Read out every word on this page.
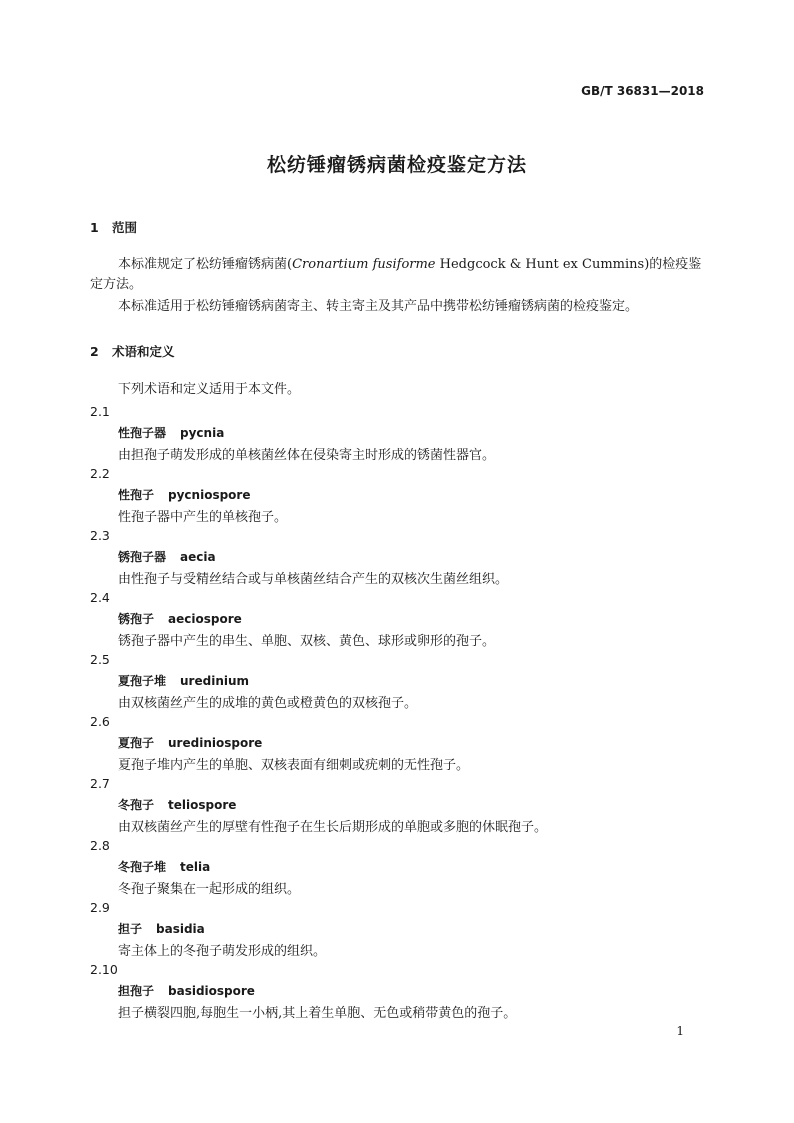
GB/T 36831—2018
松纺锤瘤锈病菌检疫鉴定方法
1 范围
本标准规定了松纺锤瘤锈病菌(Cronartium fusiforme Hedgcock & Hunt ex Cummins)的检疫鉴定方法。
本标准适用于松纺锤瘤锈病菌寄主、转主寄主及其产品中携带松纺锤瘤锈病菌的检疫鉴定。
2 术语和定义
下列术语和定义适用于本文件。
2.1
性孢子器 pycnia
由担孢子萌发形成的单核菌丝体在侵染寄主时形成的锈菌性器官。
2.2
性孢子 pycniospore
性孢子器中产生的单核孢子。
2.3
锈孢子器 aecia
由性孢子与受精丝结合或与单核菌丝结合产生的双核次生菌丝组织。
2.4
锈孢子 aeciospore
锈孢子器中产生的串生、单胞、双核、黄色、球形或卵形的孢子。
2.5
夏孢子堆 uredinium
由双核菌丝产生的成堆的黄色或橙黄色的双核孢子。
2.6
夏孢子 urediniospore
夏孢子堆内产生的单胞、双核表面有细刺或疣刺的无性孢子。
2.7
冬孢子 teliospore
由双核菌丝产生的厚壁有性孢子在生长后期形成的单胞或多胞的休眠孢子。
2.8
冬孢子堆 telia
冬孢子聚集在一起形成的组织。
2.9
担子 basidia
寄主体上的冬孢子萌发形成的组织。
2.10
担孢子 basidiospore
担子横裂四胞,每胞生一小柄,其上着生单胞、无色或稍带黄色的孢子。
1
